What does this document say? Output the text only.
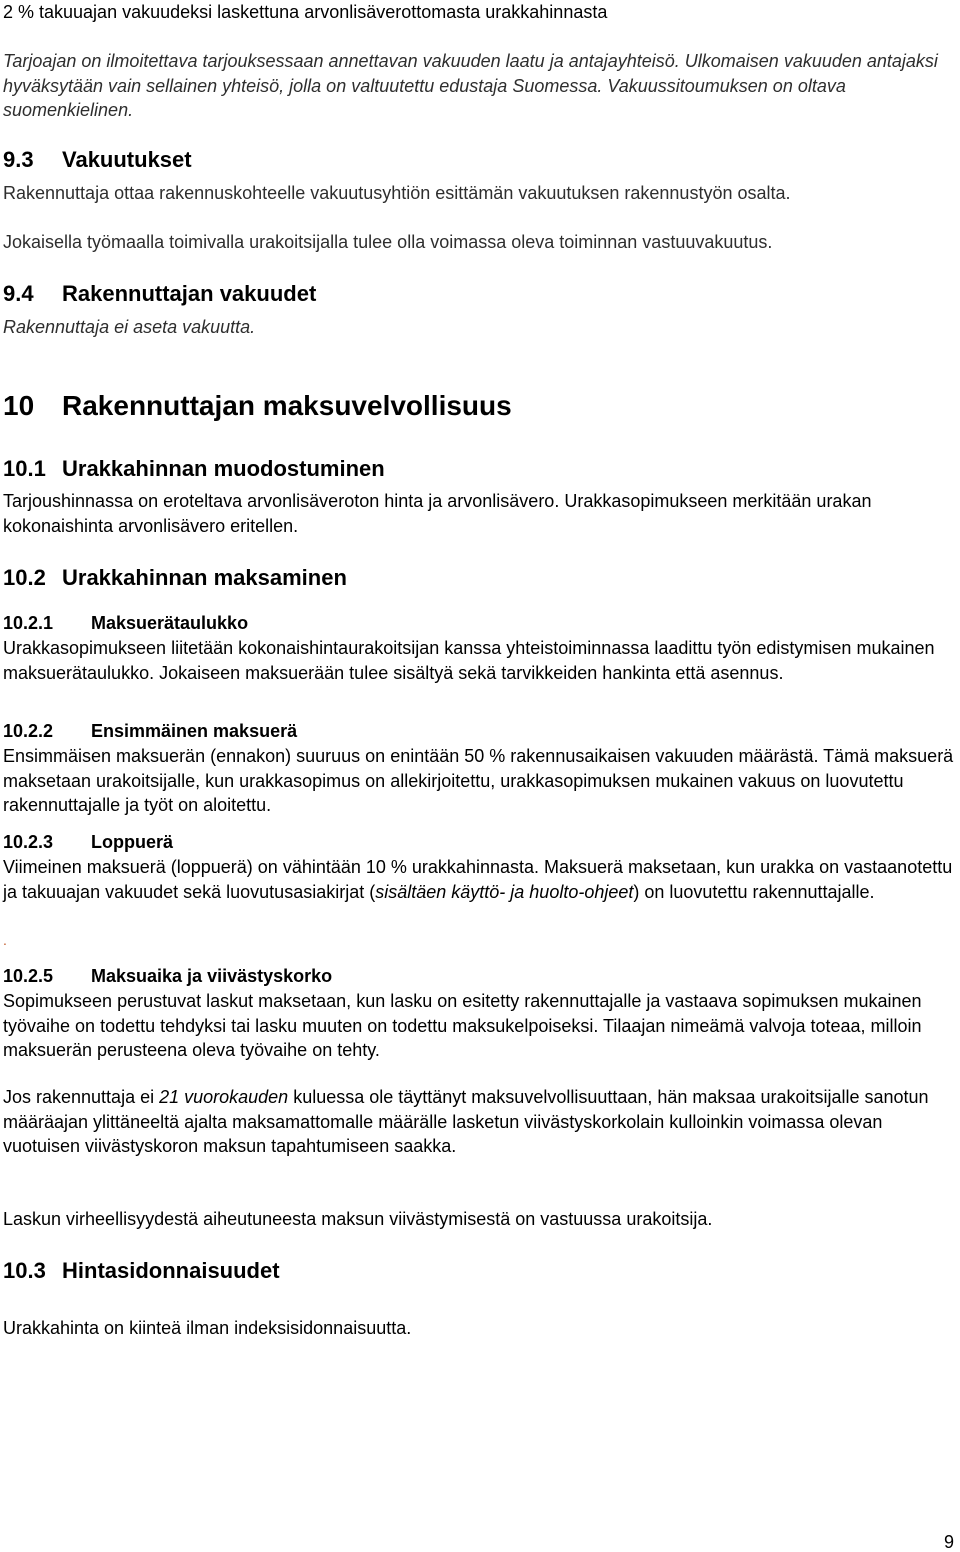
2 % takuuajan vakuudeksi laskettuna arvonlisäverottomasta urakkahinnasta

Tarjoajan on ilmoitettava tarjouksessaan annettavan vakuuden laatu ja antajayhteisö. Ulkomaisen vakuuden antajaksi hyväksytään vain sellainen yhteisö, jolla on valtuutettu edustaja Suomessa. Vakuussitoumuksen on oltava suomenkielinen.

9.3 Vakuutukset

Rakennuttaja ottaa rakennuskohteelle vakuutusyhtiön esittämän vakuutuksen rakennustyön osalta.

Jokaisella työmaalla toimivalla urakoitsijalla tulee olla voimassa oleva toiminnan vastuuvakuutus.

9.4 Rakennuttajan vakuudet

Rakennuttaja ei aseta vakuutta.

10 Rakennuttajan maksuvelvollisuus
10.1 Urakkahinnan muodostuminen

Tarjoushinnassa on eroteltava arvonlisäveroton hinta ja arvonlisävero. Urakkasopimukseen merkitään urakan kokonaishinta arvonlisävero eritellen.

10.2 Urakkahinnan maksaminen
10.2.1 Maksuerätaulukko

Urakkasopimukseen liitetään kokonaishintaurakoitsijan kanssa yhteistoiminnassa laadittu työn edistymisen mukainen maksuerätaulukko. Jokaiseen maksuerään tulee sisältyä sekä tarvikkeiden hankinta että asennus.

10.2.2 Ensimmäinen maksuerä

Ensimmäisen maksuerän (ennakon) suuruus on enintään 50 % rakennusaikaisen vakuuden määrästä. Tämä maksuerä maksetaan urakoitsijalle, kun urakkasopimus on allekirjoitettu, urakkasopimuksen mukainen vakuus on luovutettu rakennuttajalle ja työt on aloitettu.

10.2.3 Loppuerä

Viimeinen maksuerä (loppuerä) on vähintään 10 % urakkahinnasta. Maksuerä maksetaan, kun urakka on vastaanotettu ja takuuajan vakuudet sekä luovutusasiakirjat (sisältäen käyttö- ja huolto-ohjeet) on luovutettu rakennuttajalle.

.

10.2.5 Maksuaika ja viivästyskorko

Sopimukseen perustuvat laskut maksetaan, kun lasku on esitetty rakennuttajalle ja vastaava sopimuksen mukainen työvaihe on todettu tehdyksi tai lasku muuten on todettu maksukelpoiseksi. Tilaajan nimeämä valvoja toteaa, milloin maksuerän perusteena oleva työvaihe on tehty.

Jos rakennuttaja ei 21 vuorokauden kuluessa ole täyttänyt maksuvelvollisuuttaan, hän maksaa urakoitsijalle sanotun määräajan ylittäneeltä ajalta maksamattomalle määrälle lasketun viivästyskorkolain kulloinkin voimassa olevan vuotuisen viivästyskoron maksun tapahtumiseen saakka.

Laskun virheellisyydestä aiheutuneesta maksun viivästymisestä on vastuussa urakoitsija.

10.3 Hintasidonnaisuudet

Urakkahinta on kiinteä ilman indeksisidonnaisuutta.

9
